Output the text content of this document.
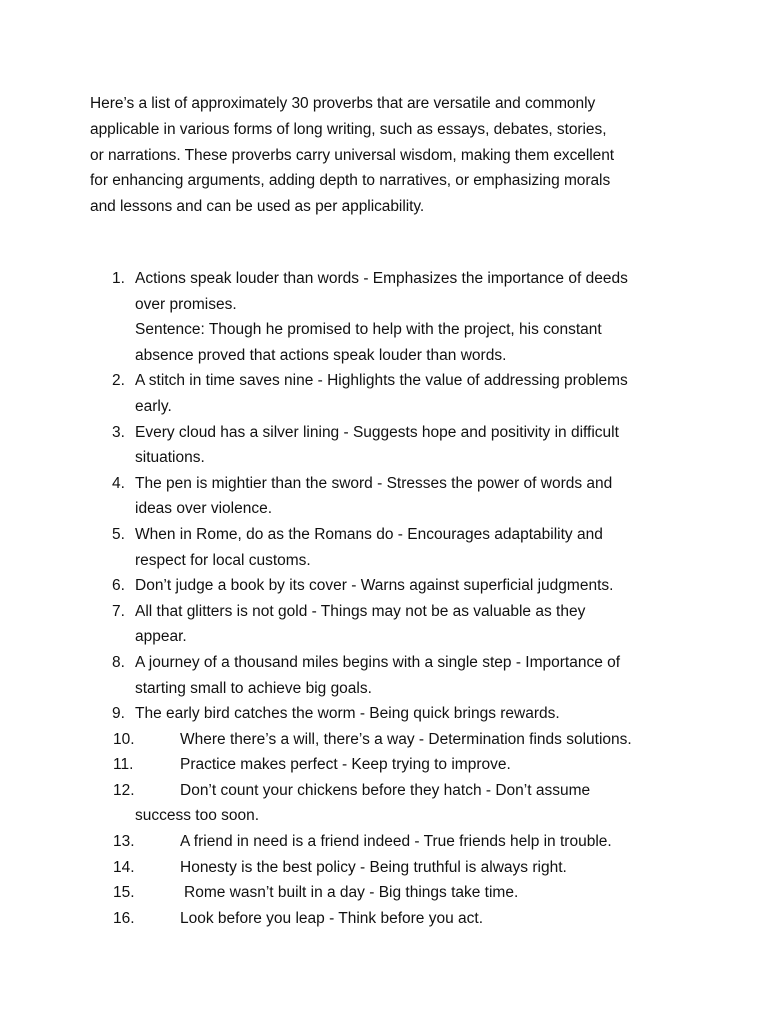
Here’s a list of approximately 30 proverbs that are versatile and commonly
applicable in various forms of long writing, such as essays, debates, stories,
or narrations. These proverbs carry universal wisdom, making them excellent
for enhancing arguments, adding depth to narratives, or emphasizing morals
and lessons and can be used as per applicability.

1. Actions speak louder than words - Emphasizes the importance of deeds
over promises.
Sentence: Though he promised to help with the project, his constant
absence proved that actions speak louder than words.
2. A stitch in time saves nine - Highlights the value of addressing problems
early.
3. Every cloud has a silver lining - Suggests hope and positivity in difficult
situations.
4. The pen is mightier than the sword - Stresses the power of words and
ideas over violence.
5. When in Rome, do as the Romans do - Encourages adaptability and
respect for local customs.
6. Don’t judge a book by its cover - Warns against superficial judgments.
7. All that glitters is not gold - Things may not be as valuable as they
appear.
8. A journey of a thousand miles begins with a single step - Importance of
starting small to achieve big goals.
9. The early bird catches the worm - Being quick brings rewards.
10.	Where there’s a will, there’s a way - Determination finds solutions.
11.	Practice makes perfect - Keep trying to improve.
12.	Don’t count your chickens before they hatch - Don’t assume
success too soon.
13.	A friend in need is a friend indeed - True friends help in trouble.
14.	Honesty is the best policy - Being truthful is always right.
15.	Rome wasn’t built in a day - Big things take time.
16.	Look before you leap - Think before you act.
